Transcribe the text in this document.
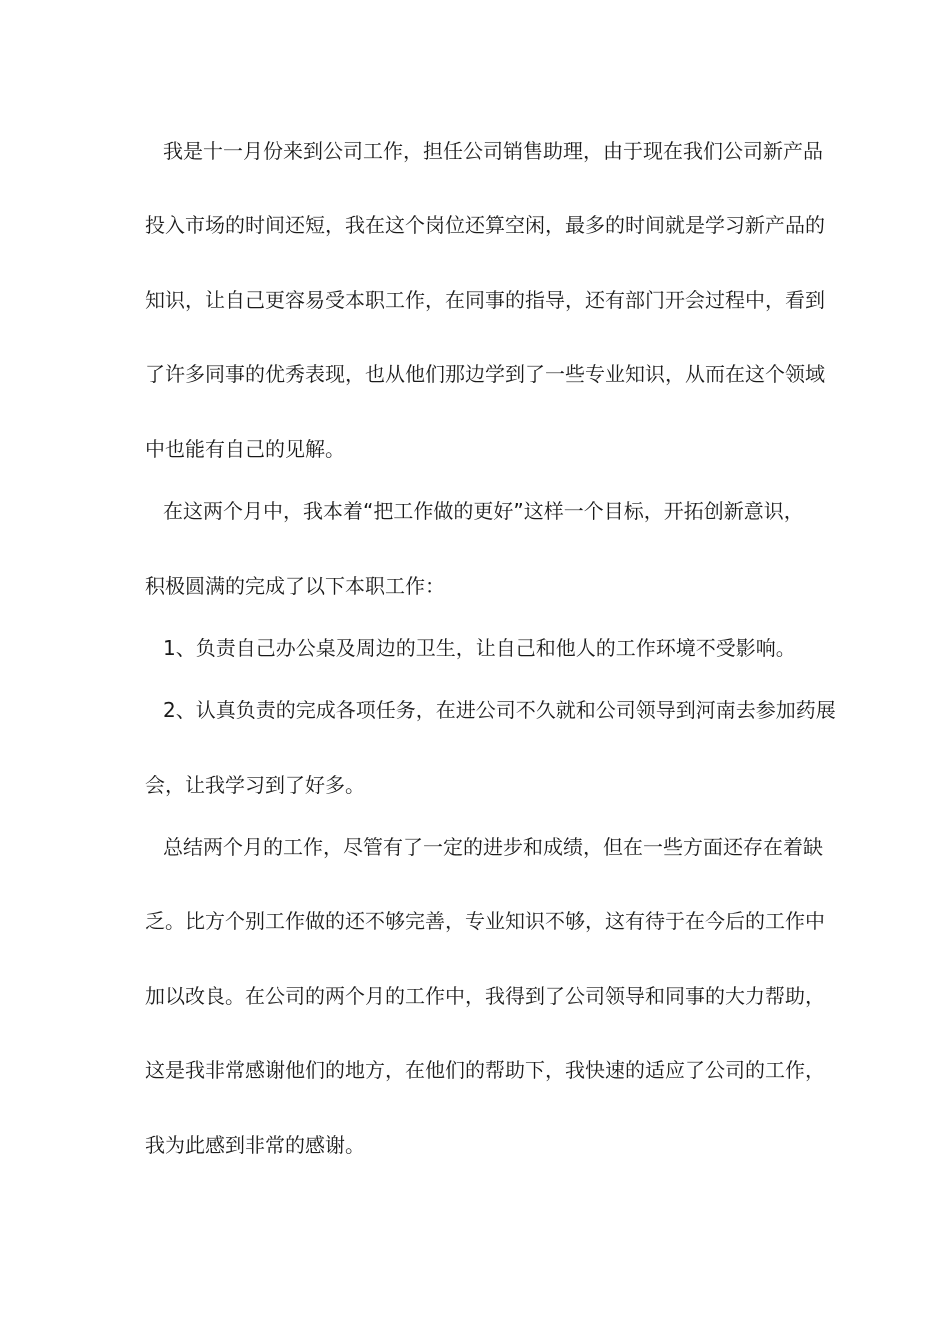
我是十一月份来到公司工作，担任公司销售助理，由于现在我们公司新产品

投入市场的时间还短，我在这个岗位还算空闲，最多的时间就是学习新产品的

知识，让自己更容易受本职工作，在同事的指导，还有部门开会过程中，看到

了许多同事的优秀表现，也从他们那边学到了一些专业知识，从而在这个领域

中也能有自己的见解。

在这两个月中，我本着“把工作做的更好”这样一个目标，开拓创新意识，

积极圆满的完成了以下本职工作：

1、负责自己办公桌及周边的卫生，让自己和他人的工作环境不受影响。

2、认真负责的完成各项任务，在进公司不久就和公司领导到河南去参加药展

会，让我学习到了好多。

总结两个月的工作，尽管有了一定的进步和成绩，但在一些方面还存在着缺

乏。比方个别工作做的还不够完善，专业知识不够，这有待于在今后的工作中

加以改良。在公司的两个月的工作中，我得到了公司领导和同事的大力帮助，

这是我非常感谢他们的地方，在他们的帮助下，我快速的适应了公司的工作，

我为此感到非常的感谢。
